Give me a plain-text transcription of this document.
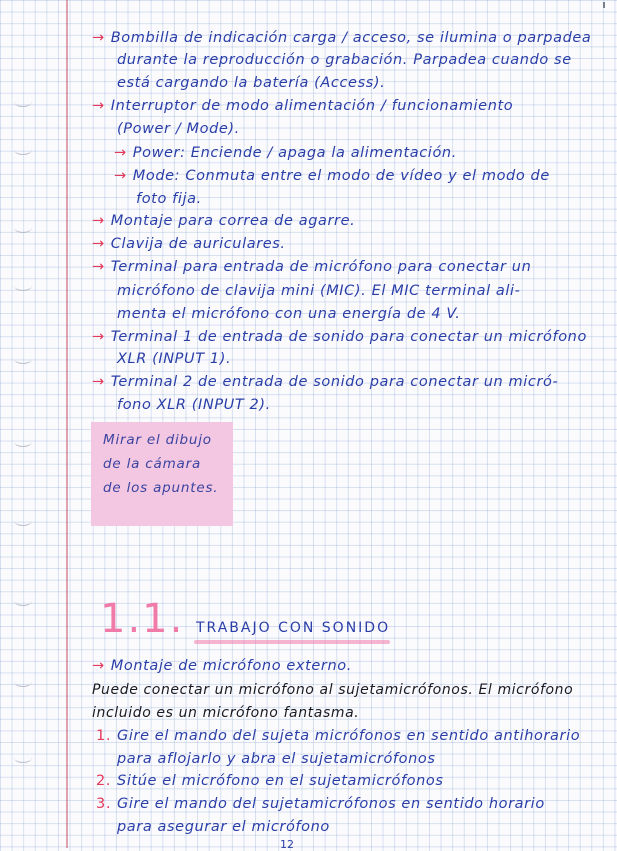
→ Bombilla de indicación carga / acceso, se ilumina o parpadea
durante la reproducción o grabación. Parpadea cuando se
está cargando la batería (Access).
→ Interruptor de modo alimentación / funcionamiento
(Power / Mode).
→ Power: Enciende / apaga la alimentación.
→ Mode: Conmuta entre el modo de vídeo y el modo de
foto fija.
→ Montaje para correa de agarre.
→ Clavija de auriculares.
→ Terminal para entrada de micrófono para conectar un
micrófono de clavija mini (MIC). El MIC terminal ali-
menta el micrófono con una energía de 4 V.
→ Terminal 1 de entrada de sonido para conectar un micrófono
XLR (INPUT 1).
→ Terminal 2 de entrada de sonido para conectar un micró-
fono XLR (INPUT 2).
Mirar el dibujo
de la cámara
de los apuntes.
1.1. TRABAJO CON SONIDO
→ Montaje de micrófono externo.
Puede conectar un micrófono al sujetamicrófonos. El micrófono
incluido es un micrófono fantasma.
1. Gire el mando del sujeta micrófonos en sentido antihorario
para aflojarlo y abra el sujetamicrófonos
2. Sitúe el micrófono en el sujetamicrófonos
3. Gire el mando del sujetamicrófonos en sentido horario
para asegurar el micrófono
12
